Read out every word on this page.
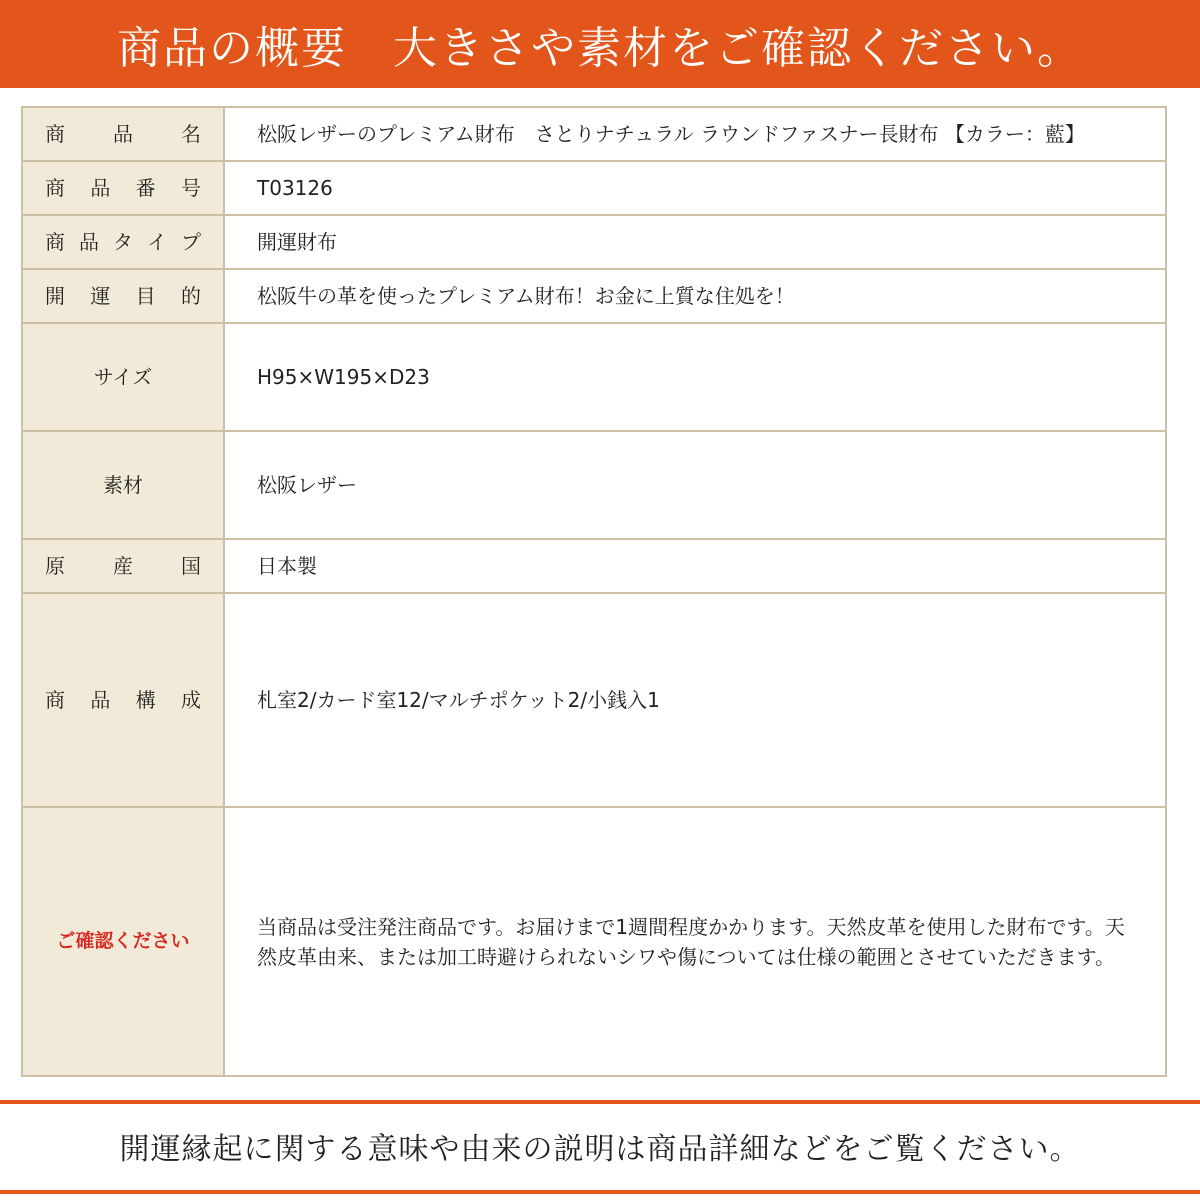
商品の概要　大きさや素材をご確認ください。
商 品 名	松阪レザーのプレミアム財布　さとりナチュラル ラウンドファスナー長財布 【カラー：藍】

商 品 番 号	T03126

商 品 タ イ プ	開運財布

開 運 目 的	松阪牛の革を使ったプレミアム財布！お金に上質な住処を！

サイズ	H95×W195×D23

素材	松阪レザー

原 産 国	日本製

商 品 構 成	札室2/カード室12/マルチポケット2/小銭入1

ご確認ください	当商品は受注発注商品です。お届けまで1週間程度かかります。天然皮革を使用した財布です。天然皮革由来、または加工時避けられないシワや傷については仕様の範囲とさせていただきます。
開運縁起に関する意味や由来の説明は商品詳細などをご覧ください。
